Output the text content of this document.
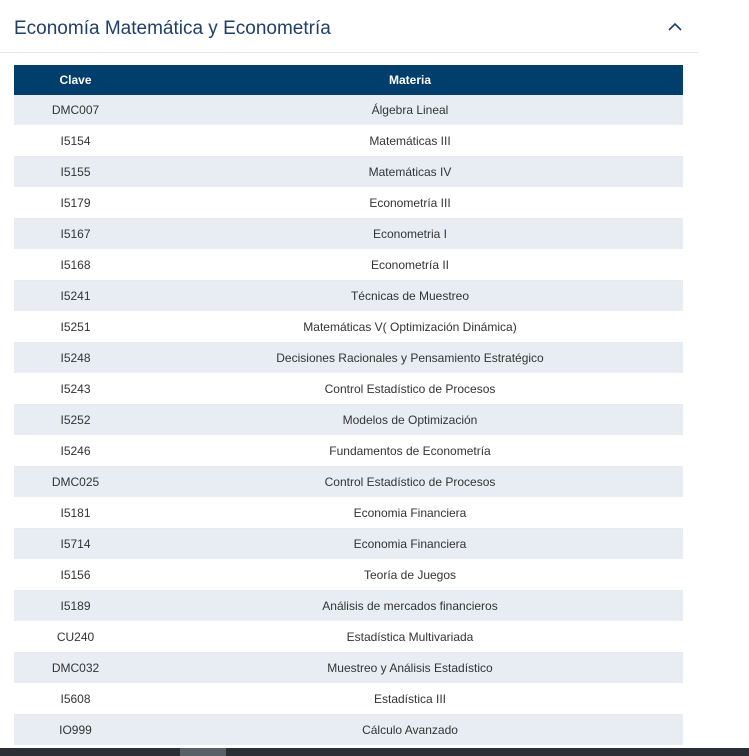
Economía Matemática y Econometría
Clave	Materia
DMC007	Álgebra Lineal
I5154	Matemáticas III
I5155	Matemáticas IV
I5179	Econometría III
I5167	Econometria I
I5168	Econometría II
I5241	Técnicas de Muestreo
I5251	Matemáticas V( Optimización Dinámica)
I5248	Decisiones Racionales y Pensamiento Estratégico
I5243	Control Estadístico de Procesos
I5252	Modelos de Optimización
I5246	Fundamentos de Econometría
DMC025	Control Estadístico de Procesos
I5181	Economia Financiera
I5714	Economia Financiera
I5156	Teoría de Juegos
I5189	Análisis de mercados financieros
CU240	Estadística Multivariada
DMC032	Muestreo y Análisis Estadístico
I5608	Estadística III
IO999	Cálculo Avanzado
